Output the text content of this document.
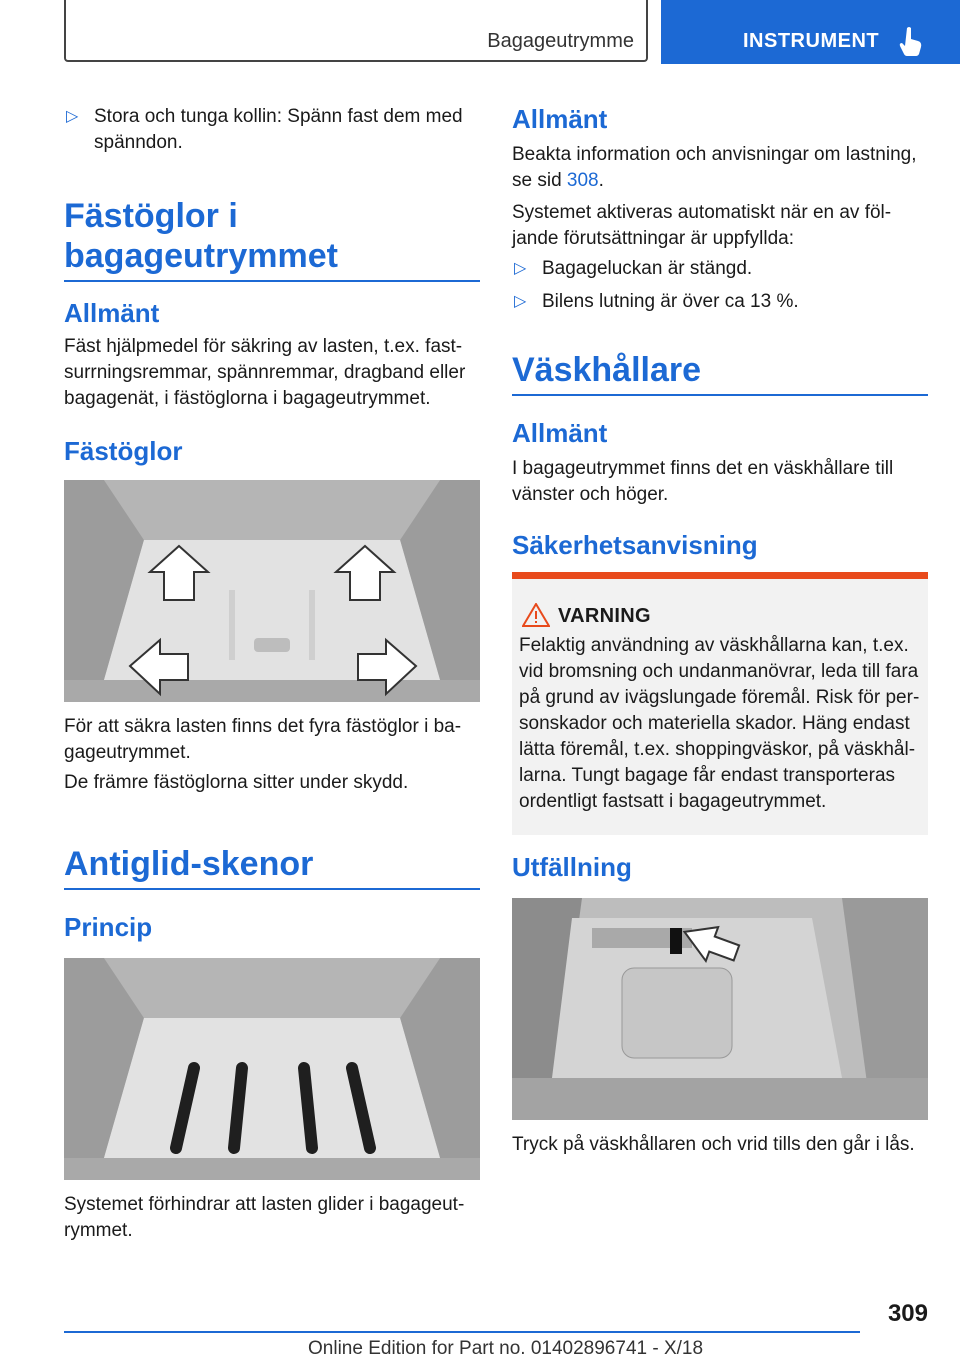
Bagageutrymme	INSTRUMENT
▷ Stora och tunga kollin: Spänn fast dem med spänndon.
Fästöglor i bagageutrymmet
Allmänt

Fäst hjälpmedel för säkring av lasten, t.ex. fastsurrningsremmar, spännremmar, dragband eller bagagenät, i fästöglorna i bagageutrymmet.

Fästöglor

För att säkra lasten finns det fyra fästöglor i bagageutrymmet.

De främre fästöglorna sitter under skydd.

Antiglid-skenor
Princip

Systemet förhindrar att lasten glider i bagageutrymmet.

Allmänt

Beakta information och anvisningar om lastning, se sid 308.

Systemet aktiveras automatiskt när en av följande förutsättningar är uppfyllda:

▷ Bagageluckan är stängd.
▷ Bilens lutning är över ca 13 %.
Väskhållare
Allmänt

I bagageutrymmet finns det en väskhållare till vänster och höger.

Säkerhetsanvisning
VARNING

Felaktig användning av väskhållarna kan, t.ex. vid bromsning och undanmanövrar, leda till fara på grund av ivägslungade föremål. Risk för personskador och materiella skador. Häng endast lätta föremål, t.ex. shoppingväskor, på väskhållarna. Tungt bagage får endast transporteras ordentligt fastsatt i bagageutrymmet.

Utfällning

Tryck på väskhållaren och vrid tills den går i lås.

309
Online Edition for Part no. 01402896741 - X/18
